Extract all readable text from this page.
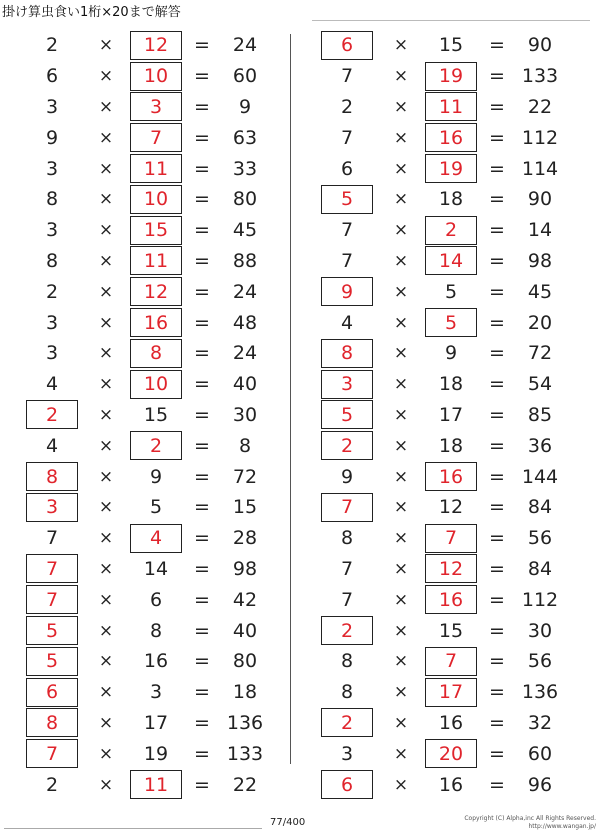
掛け算虫食い1桁×20まで解答
2	×	12	=	24
6	×	10	=	60
3	×	3	=	9
9	×	7	=	63
3	×	11	=	33
8	×	10	=	80
3	×	15	=	45
8	×	11	=	88
2	×	12	=	24
3	×	16	=	48
3	×	8	=	24
4	×	10	=	40
2	×	15	=	30
4	×	2	=	8
8	×	9	=	72
3	×	5	=	15
7	×	4	=	28
7	×	14	=	98
7	×	6	=	42
5	×	8	=	40
5	×	16	=	80
6	×	3	=	18
8	×	17	= 136
7	×	19	= 133
2	×	11	=	22
6	×	15	=	90
7	×	19	= 133
2	×	11	=	22
7	×	16	= 112
6	×	19	= 114
5	×	18	=	90
7	×	2	=	14
7	×	14	=	98
9	×	5	=	45
4	×	5	=	20
8	×	9	=	72
3	×	18	=	54
5	×	17	=	85
2	×	18	=	36
9	×	16	= 144
7	×	12	=	84
8	×	7	=	56
7	×	12	=	84
7	×	16	= 112
2	×	15	=	30
8	×	7	=	56
8	×	17	= 136
2	×	16	=	32
3	×	20	=	60
6	×	16	=	96
77/400	Copyright (C) Alpha,inc All Rights Reserved.
http://www.wangan.jp/
